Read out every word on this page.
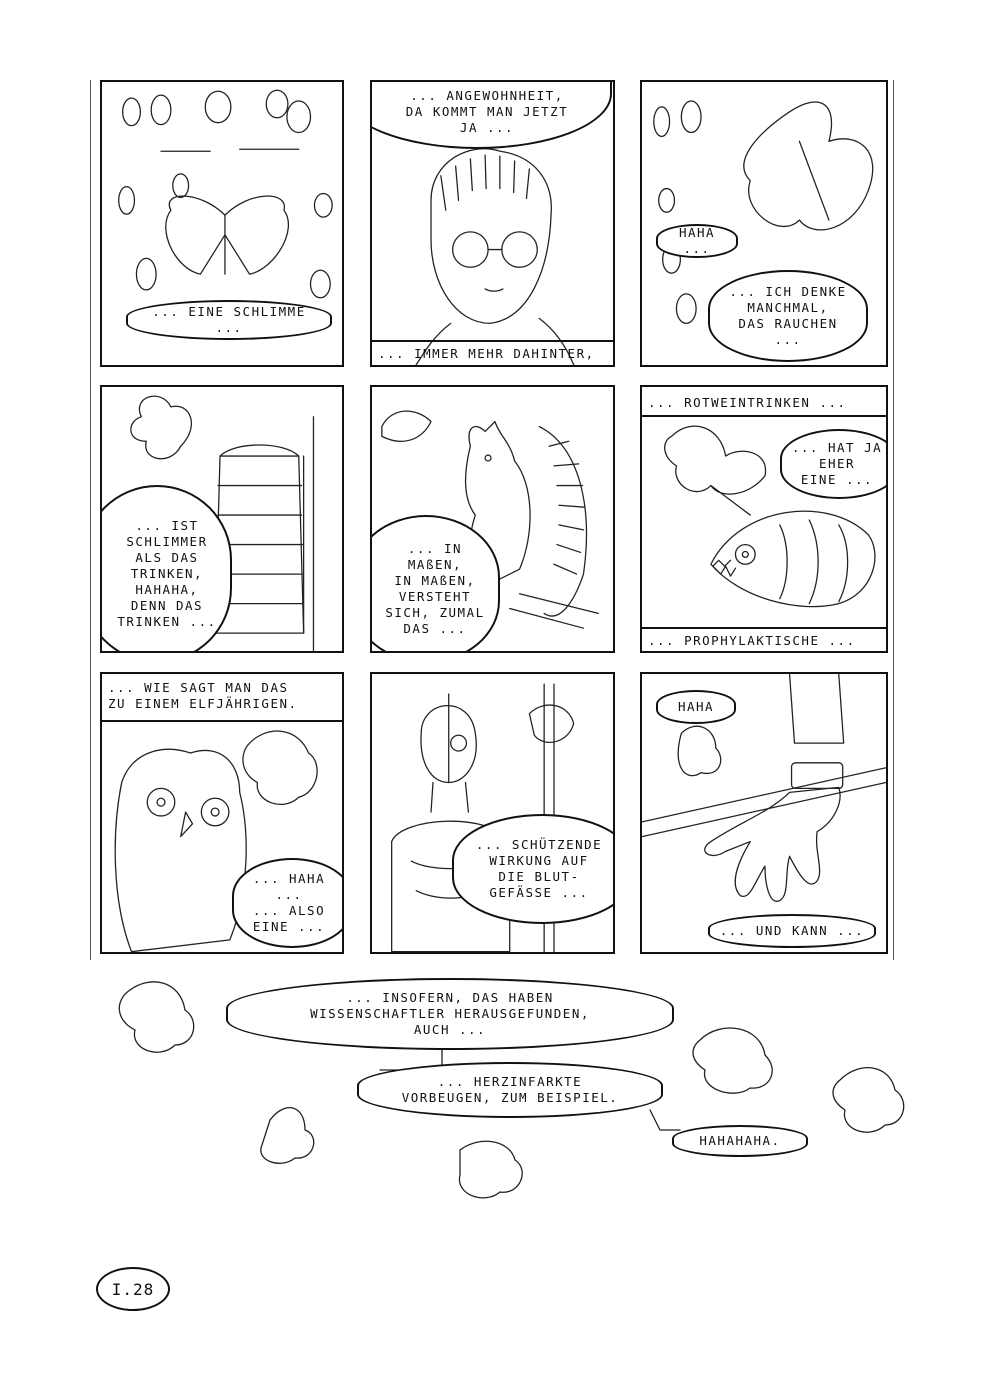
... EINE SCHLIMME ...
... ANGEWOHNHEIT,
DA KOMMT MAN JETZT
JA ...
... IMMER MEHR DAHINTER,
HAHA ...
... ICH DENKE
MANCHMAL,
DAS RAUCHEN
...
... IST
SCHLIMMER
ALS DAS
TRINKEN,
HAHAHA,
DENN DAS
TRINKEN ...
... IN
MAßEN,
IN MAßEN,
VERSTEHT
SICH, ZUMAL
DAS ...
... ROTWEINTRINKEN ...
... HAT JA
EHER
EINE ...
... PROPHYLAKTISCHE ...
... WIE SAGT MAN DAS
ZU EINEM ELFJÄHRIGEN.
... HAHA ...
... ALSO
EINE ...
... SCHÜTZENDE
WIRKUNG AUF
DIE BLUT-
GEFÄSSE ...
HAHA
... UND KANN ...
... INSOFERN, DAS HABEN
WISSENSCHAFTLER HERAUSGEFUNDEN,
AUCH ...
... HERZINFARKTE
VORBEUGEN, ZUM BEISPIEL.
HAHAHAHA.
I.28
